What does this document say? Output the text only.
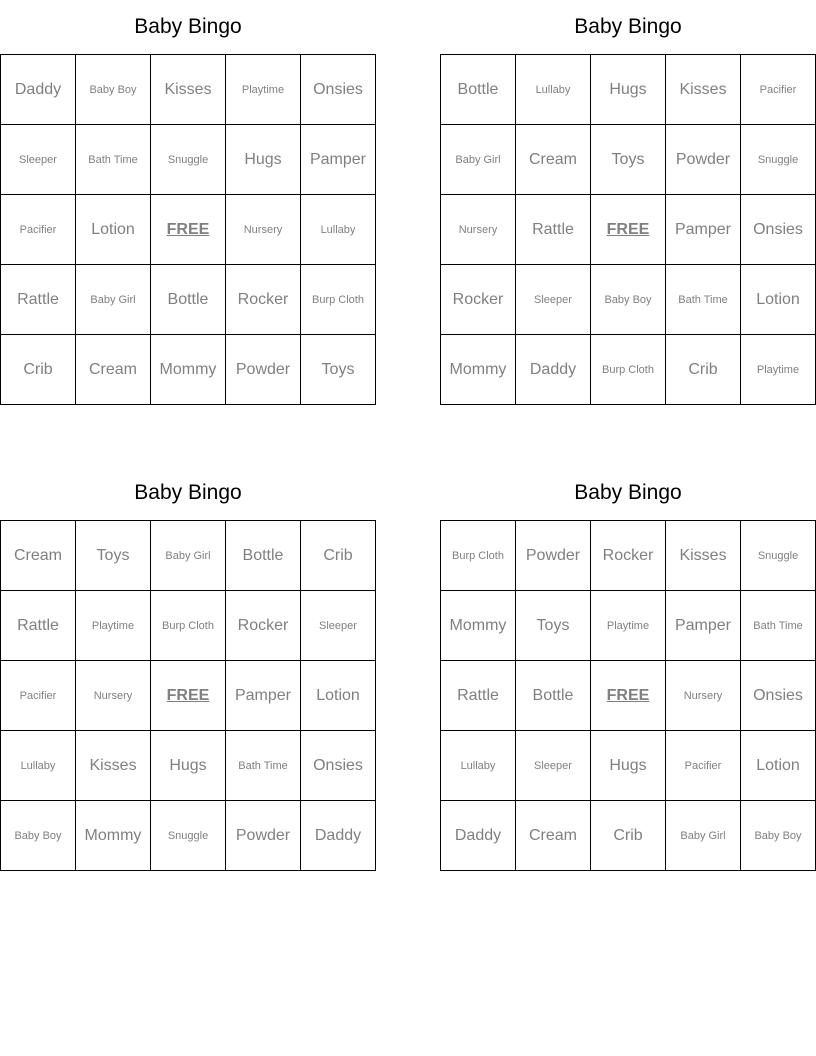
Baby Bingo
Daddy	Baby Boy	Kisses	Playtime	Onsies
Sleeper	Bath Time	Snuggle	Hugs	Pamper
Pacifier	Lotion	FREE	Nursery	Lullaby
Rattle	Baby Girl	Bottle	Rocker	Burp Cloth
Crib	Cream	Mommy	Powder	Toys
Baby Bingo
Bottle	Lullaby	Hugs	Kisses	Pacifier
Baby Girl	Cream	Toys	Powder	Snuggle
Nursery	Rattle	FREE	Pamper	Onsies
Rocker	Sleeper	Baby Boy	Bath Time	Lotion
Mommy	Daddy	Burp Cloth	Crib	Playtime
Baby Bingo
Cream	Toys	Baby Girl	Bottle	Crib
Rattle	Playtime	Burp Cloth	Rocker	Sleeper
Pacifier	Nursery	FREE	Pamper	Lotion
Lullaby	Kisses	Hugs	Bath Time	Onsies
Baby Boy	Mommy	Snuggle	Powder	Daddy
Baby Bingo
Burp Cloth	Powder	Rocker	Kisses	Snuggle
Mommy	Toys	Playtime	Pamper	Bath Time
Rattle	Bottle	FREE	Nursery	Onsies
Lullaby	Sleeper	Hugs	Pacifier	Lotion
Daddy	Cream	Crib	Baby Girl	Baby Boy
